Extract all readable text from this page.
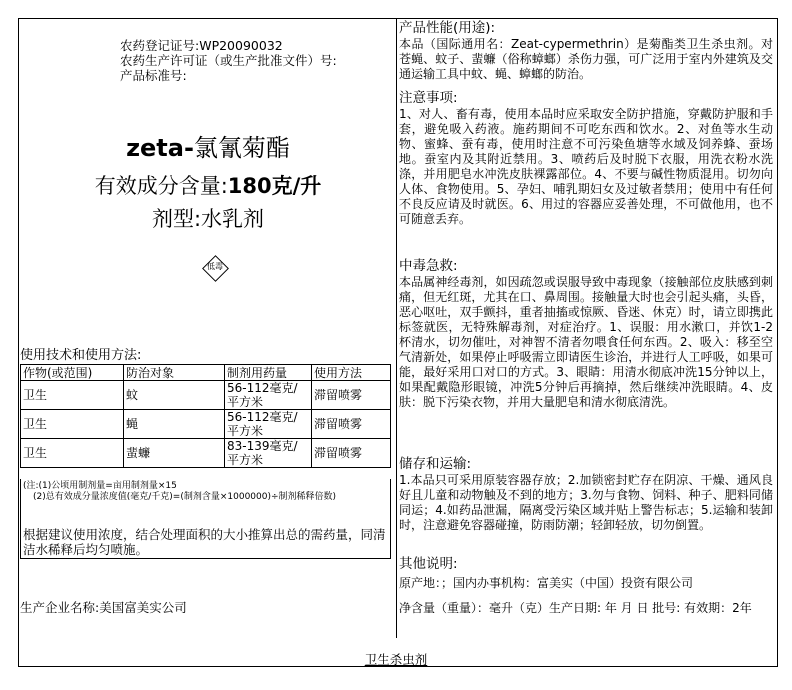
农药登记证号:WP20090032
农药生产许可证（或生产批准文件）号:
产品标准号:
zeta-氯氰菊酯
有效成分含量:180克/升
剂型:水乳剂
低毒
使用技术和使用方法:
作物(或范围)	防治对象	制剂用药量	使用方法
卫生	蚊	56-112毫克/平方米	滞留喷雾
卫生	蝇	56-112毫克/平方米	滞留喷雾
卫生	蜚蠊	83-139毫克/平方米	滞留喷雾
(注:(1)公顷用制剂量=亩用制剂量×15
(2)总有效成分量浓度值(毫克/千克)=(制剂含量×1000000)÷制剂稀释倍数)
根据建议使用浓度，结合处理面积的大小推算出总的需药量，同清洁水稀释后均匀喷施。
生产企业名称:美国富美实公司
产品性能(用途):
本品（国际通用名：Zeat-cypermethrin）是菊酯类卫生杀虫剂。对苍蝇、蚊子、蜚蠊（俗称蟑螂）杀伤力强，可广泛用于室内外建筑及交通运输工具中蚊、蝇、蟑螂的防治。
注意事项:
1、对人、畜有毒，使用本品时应采取安全防护措施，穿戴防护服和手套，避免吸入药液。施药期间不可吃东西和饮水。2、对鱼等水生动物、蜜蜂、蚕有毒，使用时注意不可污染鱼塘等水域及饲养蜂、蚕场地。蚕室内及其附近禁用。3、喷药后及时脱下衣服，用洗衣粉水洗涤，并用肥皂水冲洗皮肤裸露部位。4、不要与碱性物质混用。切勿向人体、食物使用。5、孕妇、哺乳期妇女及过敏者禁用；使用中有任何不良反应请及时就医。6、用过的容器应妥善处理，不可做他用，也不可随意丢弃。
中毒急救:
本品属神经毒剂，如因疏忽或误服导致中毒现象（接触部位皮肤感到刺痛，但无红斑，尤其在口、鼻周围。接触量大时也会引起头痛，头昏，恶心呕吐，双手颤抖，重者抽搐或惊厥、昏迷、休克）时，请立即携此标签就医，无特殊解毒剂，对症治疗。1、误服：用水漱口，并饮1-2杯清水，切勿催吐，对神智不清者勿喂食任何东西。2、吸入：移至空气清新处，如果停止呼吸需立即请医生诊治，并进行人工呼吸，如果可能，最好采用口对口的方式。3、眼睛：用清水彻底冲洗15分钟以上，如果配戴隐形眼镜，冲洗5分钟后再摘掉，然后继续冲洗眼睛。4、皮肤：脱下污染衣物，并用大量肥皂和清水彻底清洗。
储存和运输:
1.本品只可采用原装容器存放；2.加锁密封贮存在阴凉、干燥、通风良好且儿童和动物触及不到的地方；3.勿与食物、饲料、种子、肥料同储同运；4.如药品泄漏，隔离受污染区域并贴上警告标志；5.运输和装卸时，注意避免容器碰撞，防雨防潮；轻卸轻放，切勿倒置。
其他说明:
原产地：；国内办事机构：富美实（中国）投资有限公司
净含量（重量）：毫升（克）生产日期: 年 月 日 批号: 有效期：2年
卫生杀虫剂
